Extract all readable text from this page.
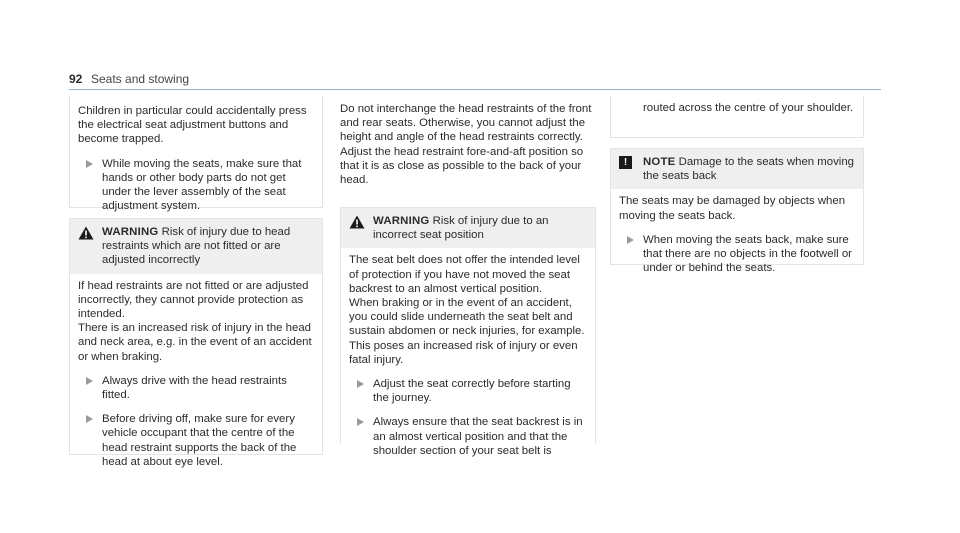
92 Seats and stowing

Children in particular could accidentally press the electrical seat adjustment buttons and become trapped.

While moving the seats, make sure that hands or other body parts do not get under the lever assembly of the seat adjustment system.
WARNING Risk of injury due to head restraints which are not fitted or are adjusted incorrectly

If head restraints are not fitted or are adjusted incorrectly, they cannot provide protection as intended.

There is an increased risk of injury in the head and neck area, e.g. in the event of an accident or when braking.

Always drive with the head restraints fitted.
Before driving off, make sure for every vehicle occupant that the centre of the head restraint supports the back of the head at about eye level.

Do not interchange the head restraints of the front and rear seats. Otherwise, you cannot adjust the height and angle of the head restraints correctly.

Adjust the head restraint fore-and-aft position so that it is as close as possible to the back of your head.

WARNING Risk of injury due to an incorrect seat position

The seat belt does not offer the intended level of protection if you have not moved the seat backrest to an almost vertical position.

When braking or in the event of an accident, you could slide underneath the seat belt and sustain abdomen or neck injuries, for example. This poses an increased risk of injury or even fatal injury.

Adjust the seat correctly before starting the journey.
Always ensure that the seat backrest is in an almost vertical position and that the shoulder section of your seat belt is

routed across the centre of your shoulder.

!	NOTE Damage to the seats when moving the seats back

The seats may be damaged by objects when moving the seats back.

When moving the seats back, make sure that there are no objects in the footwell or under or behind the seats.
